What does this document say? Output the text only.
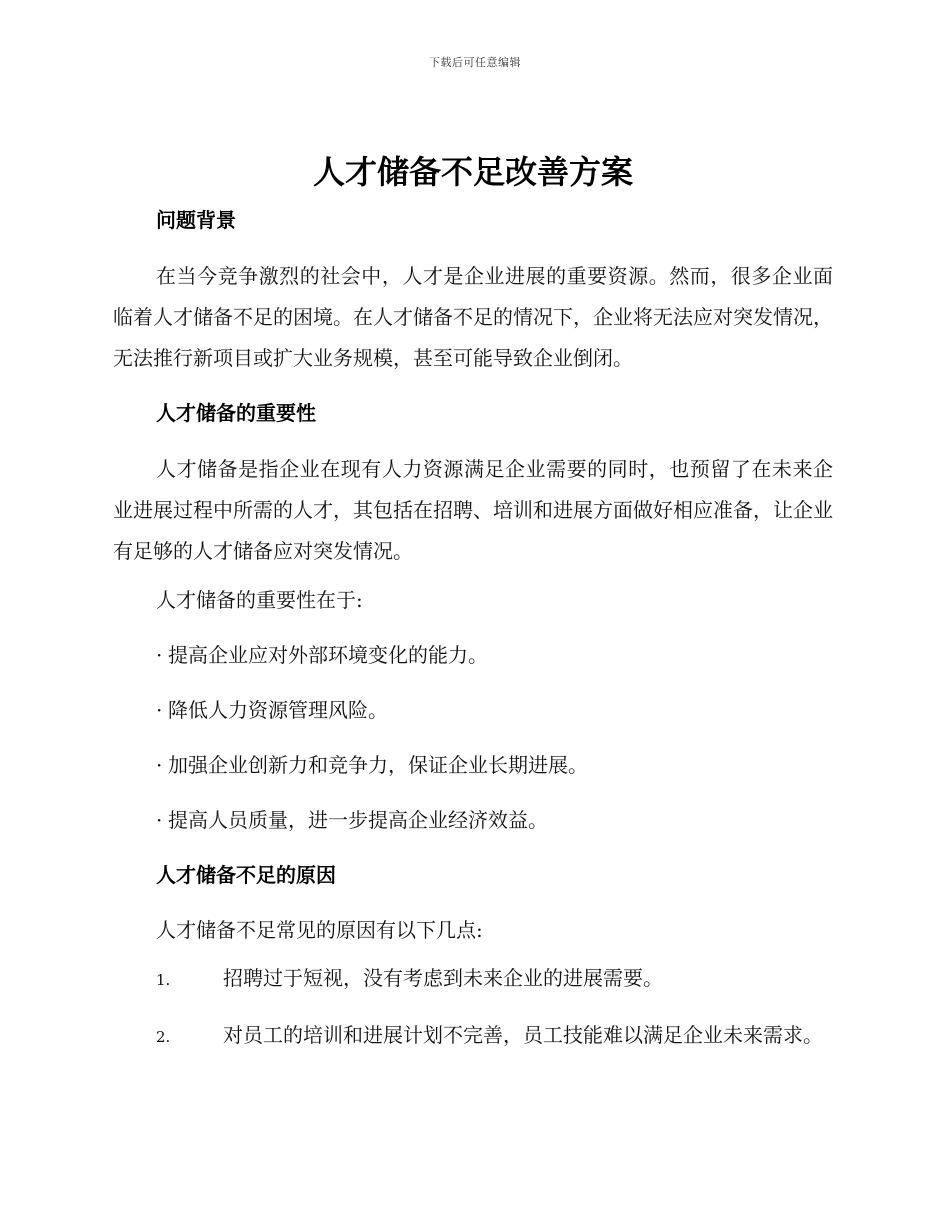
下载后可任意编辑
人才储备不足改善方案
问题背景

在当今竞争激烈的社会中，人才是企业进展的重要资源。然而，很多企业面临着人才储备不足的困境。在人才储备不足的情况下，企业将无法应对突发情况，无法推行新项目或扩大业务规模，甚至可能导致企业倒闭。

人才储备的重要性

人才储备是指企业在现有人力资源满足企业需要的同时，也预留了在未来企业进展过程中所需的人才，其包括在招聘、培训和进展方面做好相应准备，让企业有足够的人才储备应对突发情况。

人才储备的重要性在于:

· 提高企业应对外部环境变化的能力。

· 降低人力资源管理风险。

· 加强企业创新力和竞争力，保证企业长期进展。

· 提高人员质量，进一步提高企业经济效益。

人才储备不足的原因

人才储备不足常见的原因有以下几点:

1.	招聘过于短视，没有考虑到未来企业的进展需要。

2.	对员工的培训和进展计划不完善，员工技能难以满足企业未来需求。
